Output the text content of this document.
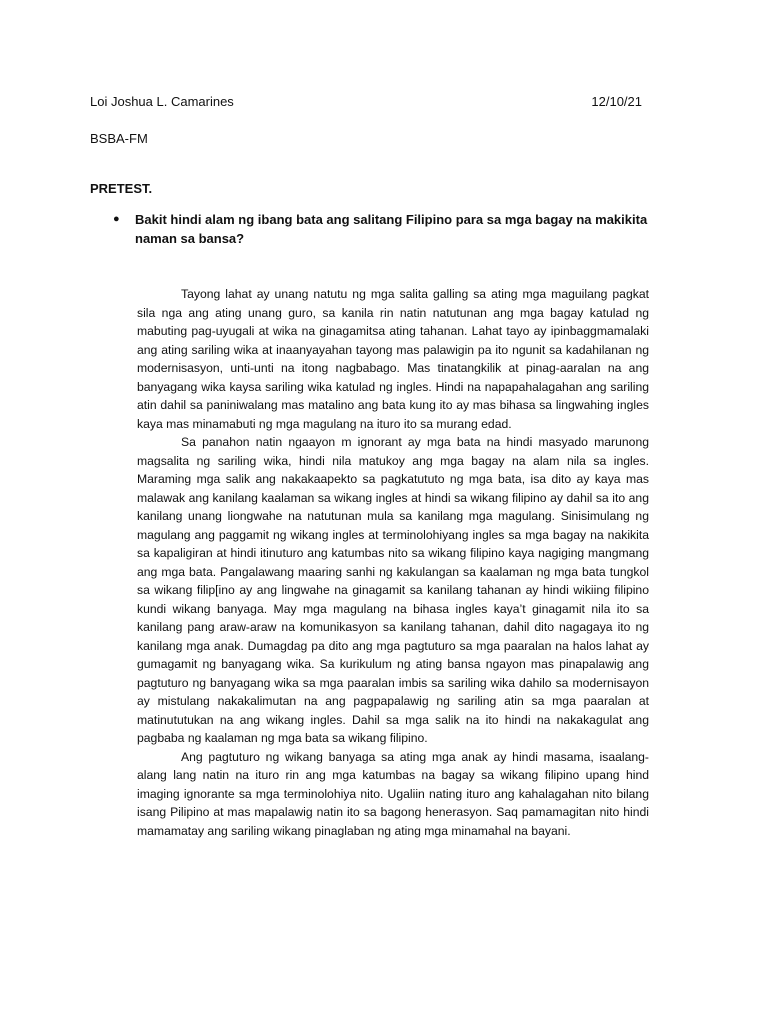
Loi Joshua L. Camarines	12/10/21
BSBA-FM
PRETEST.
●	Bakit hindi alam ng ibang bata ang salitang Filipino para sa mga bagay na makikita naman sa bansa?

Tayong lahat ay unang natutu ng mga salita galling sa ating mga maguilang pagkat sila nga ang ating unang guro, sa kanila rin natin natutunan ang mga bagay katulad ng mabuting pag-uyugali at wika na ginagamitsa ating tahanan. Lahat tayo ay ipinbaggmamalaki ang ating sariling wika at inaanyayahan tayong mas palawigin pa ito ngunit sa kadahilanan ng modernisasyon, unti-unti na itong nagbabago. Mas tinatangkilik at pinag-aaralan na ang banyagang wika kaysa sariling wika katulad ng ingles. Hindi na napapahalagahan ang sariling atin dahil sa paniniwalang mas matalino ang bata kung ito ay mas bihasa sa lingwahing ingles kaya mas minamabuti ng mga magulang na ituro ito sa murang edad.

Sa panahon natin ngaayon m ignorant ay mga bata na hindi masyado marunong magsalita ng sariling wika, hindi nila matukoy ang mga bagay na alam nila sa ingles. Maraming mga salik ang nakakaapekto sa pagkatututo ng mga bata, isa dito ay kaya mas malawak ang kanilang kaalaman sa wikang ingles at hindi sa wikang filipino ay dahil sa ito ang kanilang unang liongwahe na natutunan mula sa kanilang mga magulang. Sinisimulang ng magulang ang paggamit ng wikang ingles at terminolohiyang ingles sa mga bagay na nakikita sa kapaligiran at hindi itinuturo ang katumbas nito sa wikang filipino kaya nagiging mangmang ang mga bata. Pangalawang maaring sanhi ng kakulangan sa kaalaman ng mga bata tungkol sa wikang filip[ino ay ang lingwahe na ginagamit sa kanilang tahanan ay hindi wikiing filipino kundi wikang banyaga. May mga magulang na bihasa ingles kaya’t ginagamit nila ito sa kanilang pang araw-araw na komunikasyon sa kanilang tahanan, dahil dito nagagaya ito ng kanilang mga anak. Dumagdag pa dito ang mga pagtuturo sa mga paaralan na halos lahat ay gumagamit ng banyagang wika. Sa kurikulum ng ating bansa ngayon mas pinapalawig ang pagtuturo ng banyagang wika sa mga paaralan imbis sa sariling wika dahilo sa modernisayon ay mistulang nakakalimutan na ang pagpapalawig ng sariling atin sa mga paaralan at matinututukan na ang wikang ingles. Dahil sa mga salik na ito hindi na nakakagulat ang pagbaba ng kaalaman ng mga bata sa wikang filipino.

Ang pagtuturo ng wikang banyaga sa ating mga anak ay hindi masama, isaalang-alang lang natin na ituro rin ang mga katumbas na bagay sa wikang filipino upang hind imaging ignorante sa mga terminolohiya nito. Ugaliin nating ituro ang kahalagahan nito bilang isang Pilipino at mas mapalawig natin ito sa bagong henerasyon. Saq pamamagitan nito hindi mamamatay ang sariling wikang pinaglaban ng ating mga minamahal na bayani.
